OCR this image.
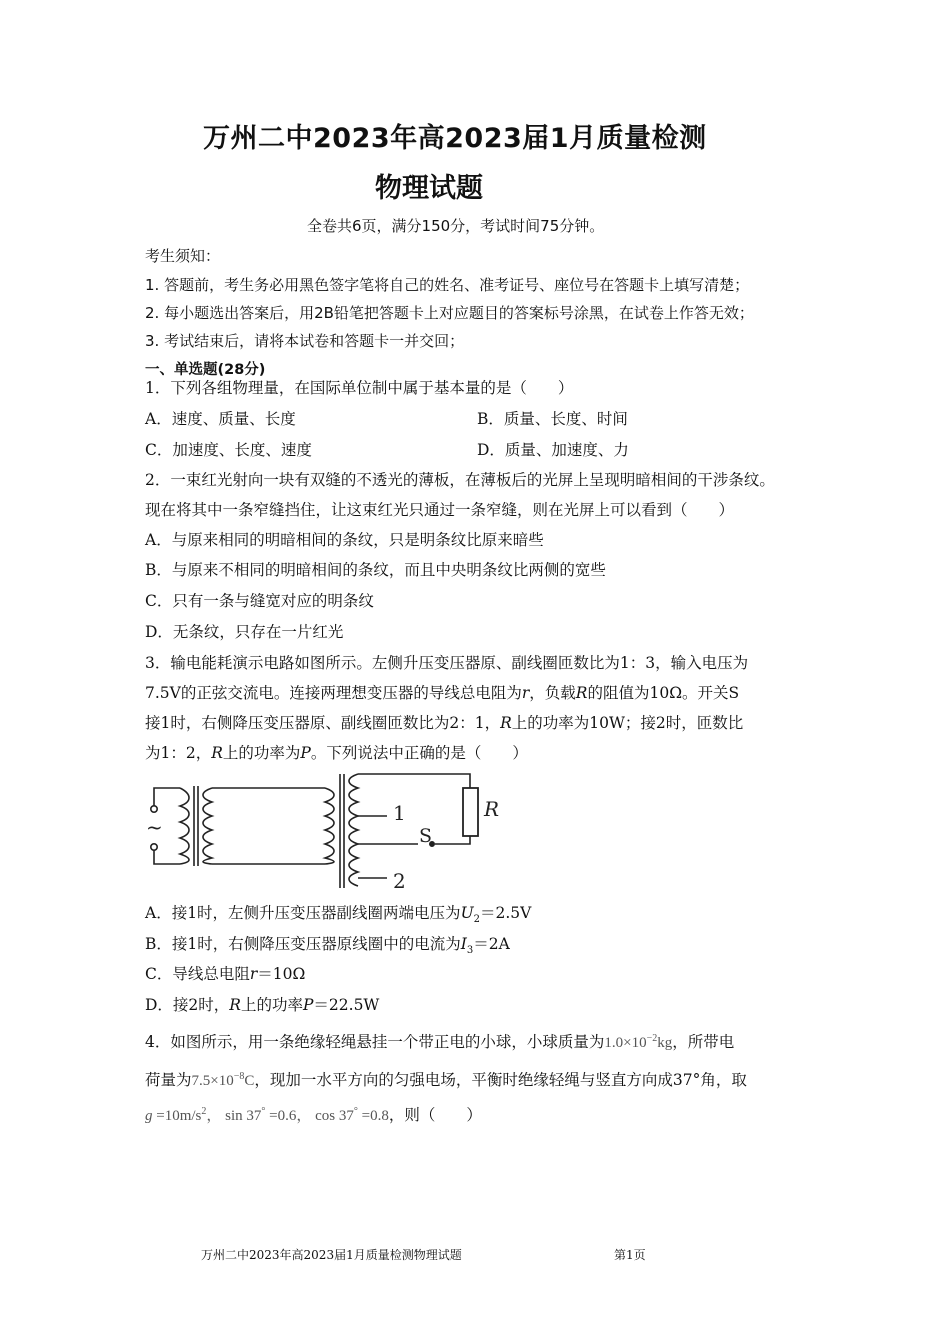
万州二中2023年高2023届1月质量检测
物理试题
全卷共6页，满分150分，考试时间75分钟。
考生须知：
1. 答题前，考生务必用黑色签字笔将自己的姓名、准考证号、座位号在答题卡上填写清楚；
2. 每小题选出答案后，用2B铅笔把答题卡上对应题目的答案标号涂黑，在试卷上作答无效；
3. 考试结束后，请将本试卷和答题卡一并交回；
一、单选题(28分)
1．下列各组物理量，在国际单位制中属于基本量的是（　　）
A．速度、质量、长度	B．质量、长度、时间
C．加速度、长度、速度	D．质量、加速度、力
2．一束红光射向一块有双缝的不透光的薄板，在薄板后的光屏上呈现明暗相间的干涉条纹。
现在将其中一条窄缝挡住，让这束红光只通过一条窄缝，则在光屏上可以看到（　　）
A．与原来相同的明暗相间的条纹，只是明条纹比原来暗些
B．与原来不相同的明暗相间的条纹，而且中央明条纹比两侧的宽些
C．只有一条与缝宽对应的明条纹
D．无条纹，只存在一片红光
3．输电能耗演示电路如图所示。左侧升压变压器原、副线圈匝数比为1：3，输入电压为
7.5V的正弦交流电。连接两理想变压器的导线总电阻为r，负载R的阻值为10Ω。开关S
接1时，右侧降压变压器原、副线圈匝数比为2：1，R上的功率为10W；接2时，匝数比
为1：2，R上的功率为P。下列说法中正确的是（　　）
~
1
2
S
R
A．接1时，左侧升压变压器副线圈两端电压为$U_2=2.5V$
B．接1时，右侧降压变压器原线圈中的电流为$I_3=2A$
C．导线总电阻r＝10Ω
D．接2时，R上的功率P＝22.5W
4．如图所示，用一条绝缘轻绳悬挂一个带正电的小球，小球质量为$1.0\times 10^{-2}kg$，所带电
荷量为$7.5\times 10^{-8}C$，现加一水平方向的匀强电场，平衡时绝缘轻绳与竖直方向成37°角，取
$g =10m/s^2$， sin 37° =0.6， cos 37° =0.8，则（　　）
万州二中2023年高2023届1月质量检测物理试题	第1页
